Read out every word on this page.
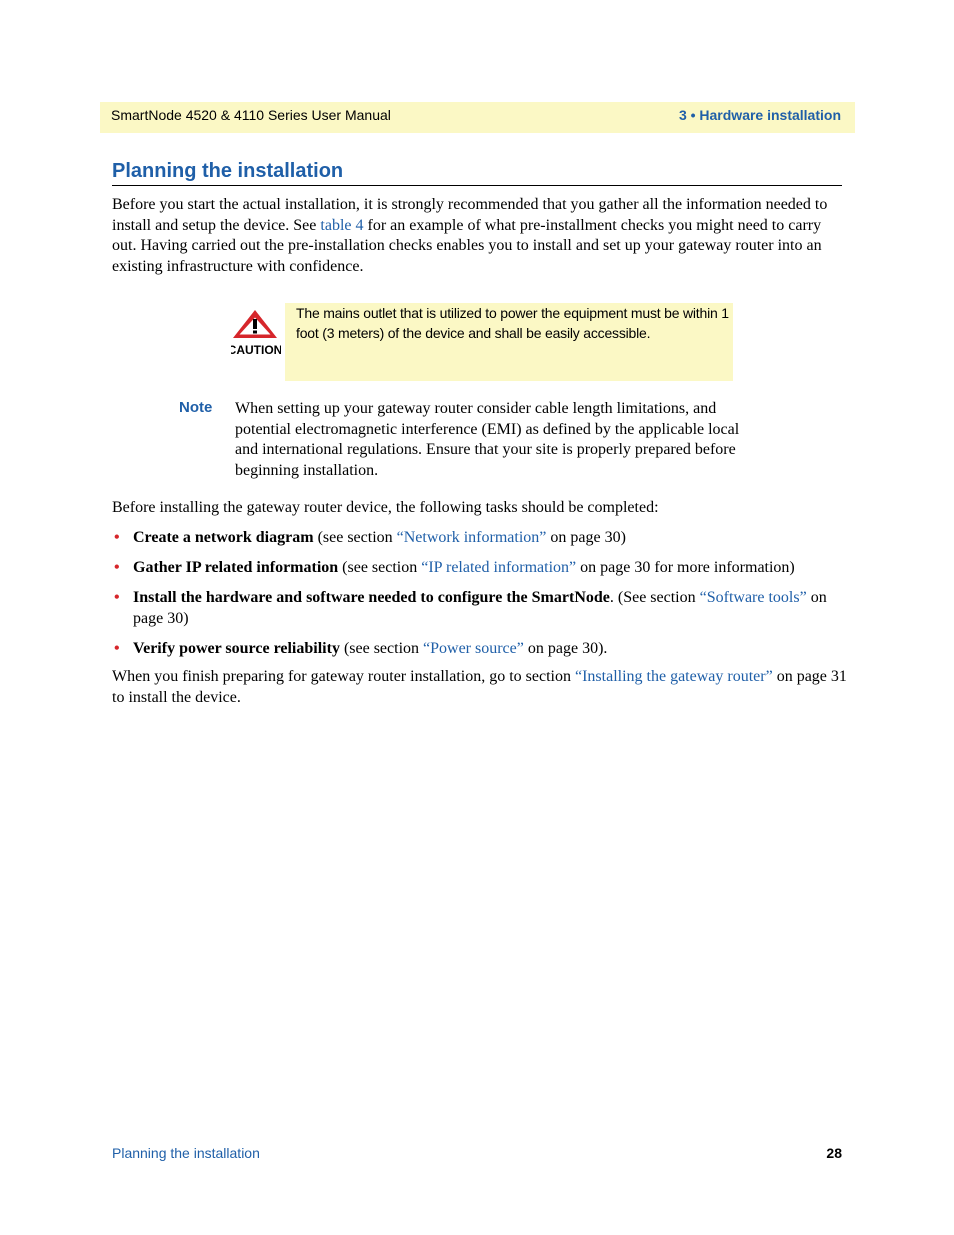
SmartNode 4520 & 4110 Series User Manual	3 • Hardware installation
Planning the installation
Before you start the actual installation, it is strongly recommended that you gather all the information needed to install and setup the device. See table 4 for an example of what pre-installment checks you might need to carry out. Having carried out the pre-installation checks enables you to install and set up your gateway router into an existing infrastructure with confidence.
CAUTION
The mains outlet that is utilized to power the equipment must be within 1 foot (3 meters) of the device and shall be easily accessible.
Note When setting up your gateway router consider cable length limitations, and potential electromagnetic interference (EMI) as defined by the applicable local and international regulations. Ensure that your site is properly prepared before beginning installation.
Before installing the gateway router device, the following tasks should be completed:
• Create a network diagram (see section “Network information” on page 30)
• Gather IP related information (see section “IP related information” on page 30 for more information)
• Install the hardware and software needed to configure the SmartNode. (See section “Software tools” on page 30)
• Verify power source reliability (see section “Power source” on page 30).
When you finish preparing for gateway router installation, go to section “Installing the gateway router” on page 31 to install the device.
Planning the installation	28
